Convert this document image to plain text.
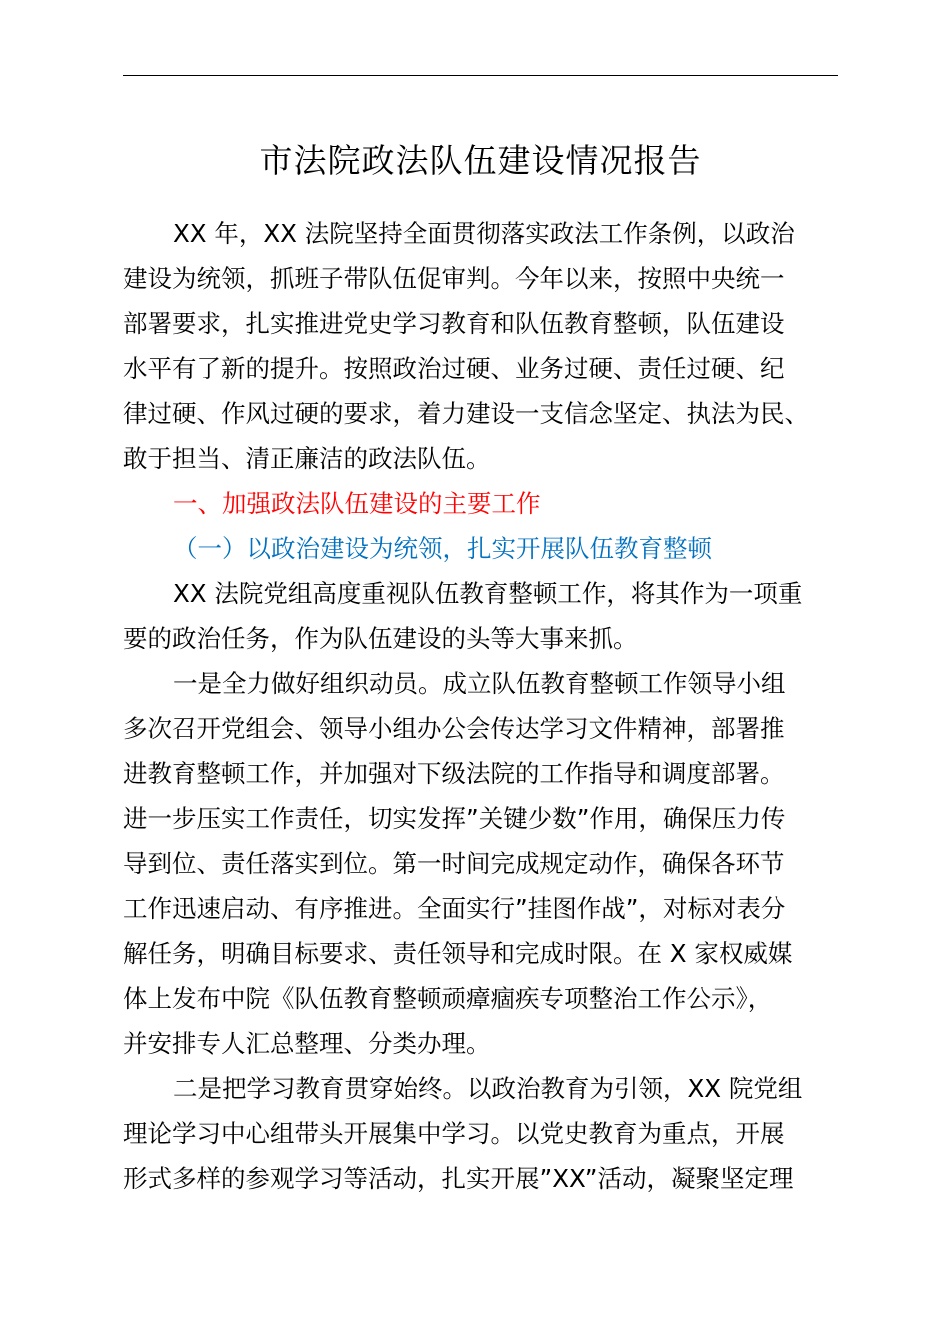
市法院政法队伍建设情况报告
XX 年，XX 法院坚持全面贯彻落实政法工作条例，以政治
建设为统领，抓班子带队伍促审判。今年以来，按照中央统一
部署要求，扎实推进党史学习教育和队伍教育整顿，队伍建设
水平有了新的提升。按照政治过硬、业务过硬、责任过硬、纪
律过硬、作风过硬的要求，着力建设一支信念坚定、执法为民、
敢于担当、清正廉洁的政法队伍。
一、加强政法队伍建设的主要工作
（一）以政治建设为统领，扎实开展队伍教育整顿
XX 法院党组高度重视队伍教育整顿工作，将其作为一项重
要的政治任务，作为队伍建设的头等大事来抓。
一是全力做好组织动员。成立队伍教育整顿工作领导小组
多次召开党组会、领导小组办公会传达学习文件精神，部署推
进教育整顿工作，并加强对下级法院的工作指导和调度部署。
进一步压实工作责任，切实发挥”关键少数”作用，确保压力传
导到位、责任落实到位。第一时间完成规定动作，确保各环节
工作迅速启动、有序推进。全面实行”挂图作战”，对标对表分
解任务，明确目标要求、责任领导和完成时限。在 X 家权威媒
体上发布中院《队伍教育整顿顽瘴痼疾专项整治工作公示》，
并安排专人汇总整理、分类办理。
二是把学习教育贯穿始终。以政治教育为引领，XX 院党组
理论学习中心组带头开展集中学习。以党史教育为重点，开展
形式多样的参观学习等活动，扎实开展”XX”活动，凝聚坚定理
